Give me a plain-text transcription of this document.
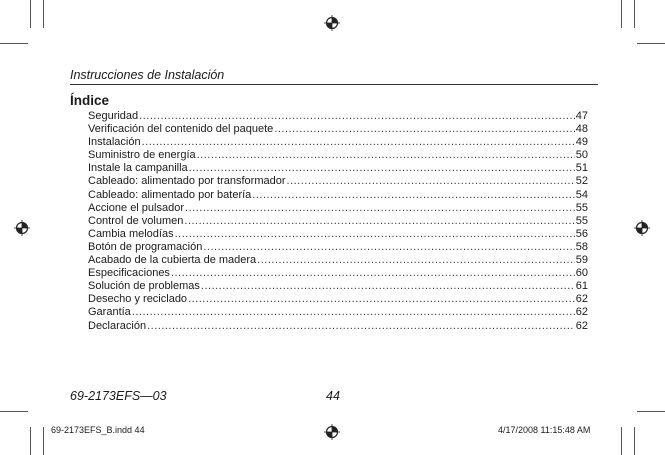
Instrucciones de Instalación
Índice
Seguridad .....	47
Verificación del contenido del paquete .....	48
Instalación .....	49
Suministro de energía .....	50
Instale la campanilla .....	51
Cableado: alimentado por transformador .....	52
Cableado: alimentado por batería .....	54
Accione el pulsador .....	55
Control de volumen .....	55
Cambia melodías .....	56
Botón de programación .....	58
Acabado de la cubierta de madera .....	59
Especificaciones .....	60
Solución de problemas .....	61
Desecho y reciclado .....	62
Garantía .....	62
Declaración .....	62
69-2173EFS—03	44
69-2173EFS_B.indd 44	4/17/2008 11:15:48 AM
